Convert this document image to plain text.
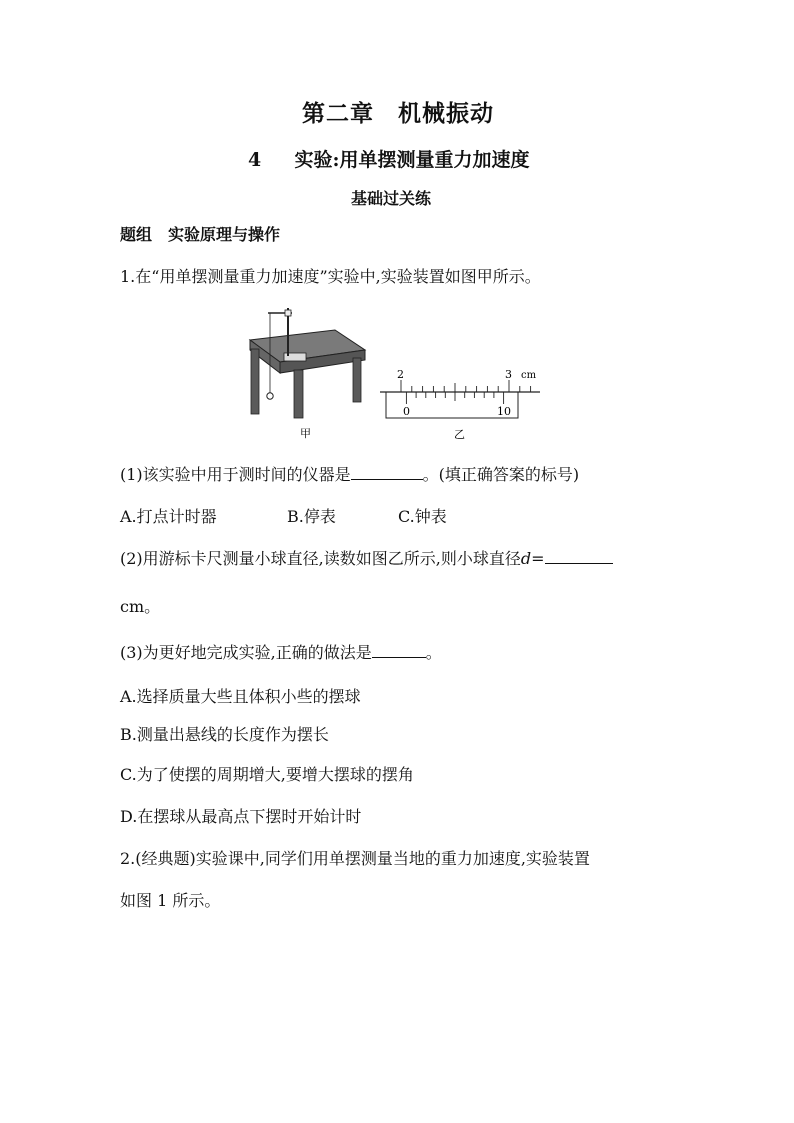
第二章　机械振动
4 实验:用单摆测量重力加速度
基础过关练
题组　实验原理与操作
1.在“用单摆测量重力加速度”实验中,实验装置如图甲所示。
甲
2	3 cm
0	10
乙
(1)该实验中用于测时间的仪器是	。(填正确答案的标号)
A.打点计时器	B.停表	C.钟表
(2)用游标卡尺测量小球直径,读数如图乙所示,则小球直径d=
cm。
(3)为更好地完成实验,正确的做法是	。
A.选择质量大些且体积小些的摆球
B.测量出悬线的长度作为摆长
C.为了使摆的周期增大,要增大摆球的摆角
D.在摆球从最高点下摆时开始计时
2.(经典题)实验课中,同学们用单摆测量当地的重力加速度,实验装置
如图 1 所示。
